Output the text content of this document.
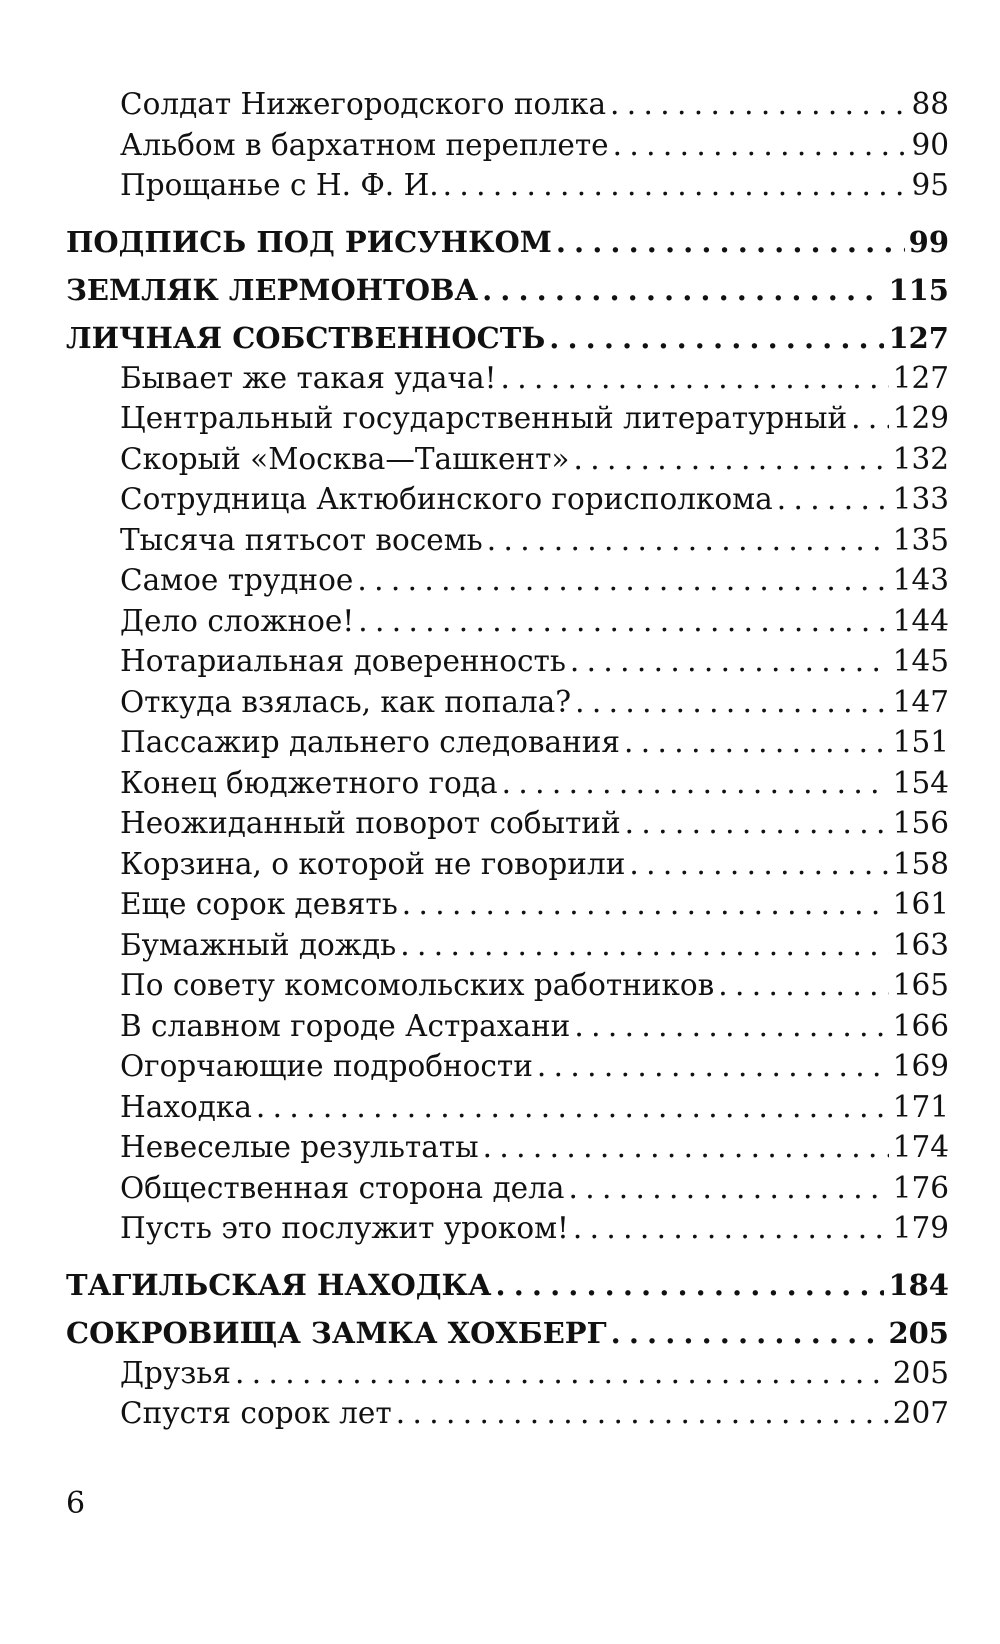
Солдат Нижегородского полка . . .	88
Альбом в бархатном переплете . . .	90
Прощанье с Н. Ф. И. . . .	95
ПОДПИСЬ ПОД РИСУНКОМ . . .	99
ЗЕМЛЯК ЛЕРМОНТОВА . . .	115
ЛИЧНАЯ СОБСТВЕННОСТЬ . . .	127
Бывает же такая удача! . . .	127
Центральный государственный литературный . . . 129
Скорый «Москва—Ташкент» . . .	132
Сотрудница Актюбинского горисполкома . . .	133
Тысяча пятьсот восемь . . .	135
Самое трудное . . .	143
Дело сложное! . . .	144
Нотариальная доверенность . . .	145
Откуда взялась, как попала? . . .	147
Пассажир дальнего следования . . .	151
Конец бюджетного года . . .	154
Неожиданный поворот событий . . .	156
Корзина, о которой не говорили . . .	158
Еще сорок девять . . .	161
Бумажный дождь . . .	163
По совету комсомольских работников . . .	165
В славном городе Астрахани . . .	166
Огорчающие подробности . . .	169
Находка . . .	171
Невеселые результаты . . .	174
Общественная сторона дела . . .	176
Пусть это послужит уроком! . . .	179
ТАГИЛЬСКАЯ НАХОДКА . . .	184
СОКРОВИЩА ЗАМКА ХОХБЕРГ . . .	205
Друзья . . .	205
Спустя сорок лет . . .	207
6
